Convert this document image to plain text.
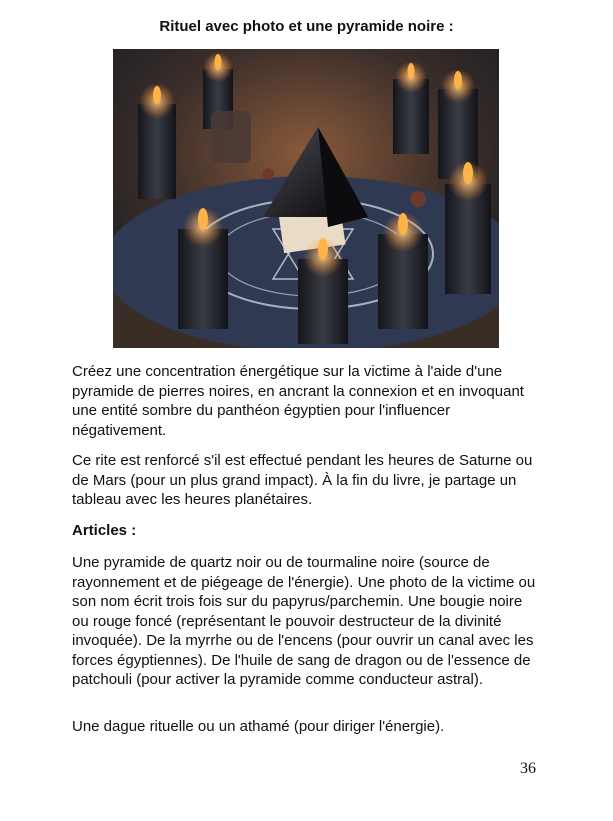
Rituel avec photo et une pyramide noire :

Créez une concentration énergétique sur la victime à l'aide d'une pyramide de pierres noires, en ancrant la connexion et en invoquant une entité sombre du panthéon égyptien pour l'influencer négativement.

Ce rite est renforcé s'il est effectué pendant les heures de Saturne ou de Mars (pour un plus grand impact). À la fin du livre, je partage un tableau avec les heures planétaires.

Articles :

Une pyramide de quartz noir ou de tourmaline noire (source de rayonnement et de piégeage de l'énergie). Une photo de la victime ou son nom écrit trois fois sur du papyrus/parchemin. Une bougie noire ou rouge foncé (représentant le pouvoir destructeur de la divinité invoquée). De la myrrhe ou de l'encens (pour ouvrir un canal avec les forces égyptiennes). De l'huile de sang de dragon ou de l'essence de patchouli (pour activer la pyramide comme conducteur astral).

Une dague rituelle ou un athamé (pour diriger l'énergie).

36
